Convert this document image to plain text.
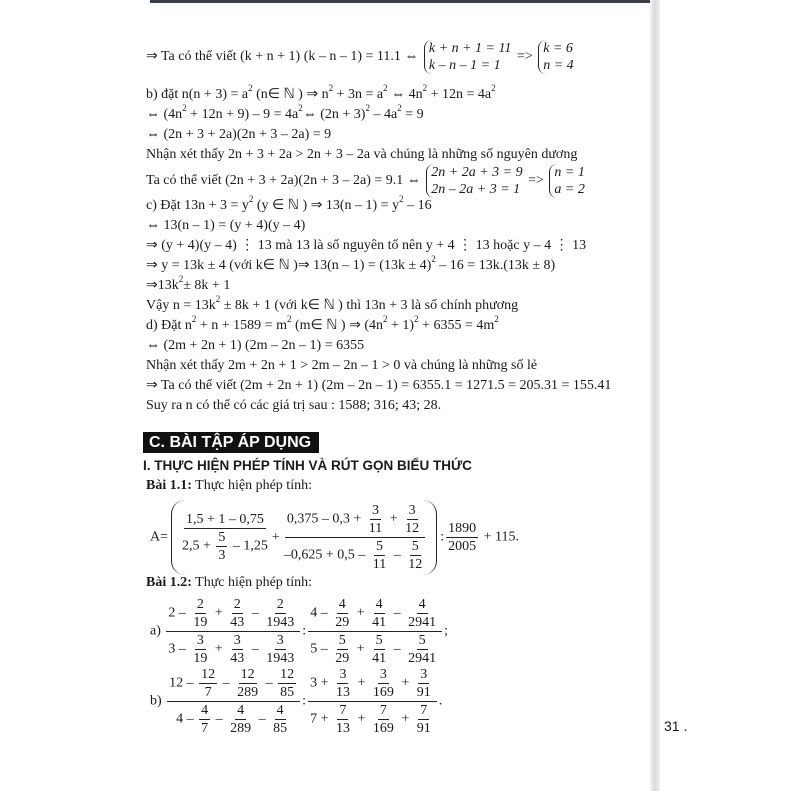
⇒ Ta có thể viết (k + n + 1) (k – n – 1) = 11.1 ⇔
k + n + 1 = 11
k – n – 1 = 1
=>
k = 6
n = 4
b) đặt $n(n + 3) = a^2$ (n∈ ℕ ) ⇒ $n^2 + 3n = a^2$ ⇔ $4n^2 + 12n = 4a^2$
⇔ $(4n^2 + 12n + 9) - 9$ = $4a^2\Leftrightarrow$ $(2n + 3)^2 - 4a^2 = 9$
⇔ (2n + 3 + 2a)(2n + 3 – 2a) = 9
Nhận xét thấy 2n + 3 + 2a > 2n + 3 – 2a và chúng là những số nguyên dương
Ta có thể viết (2n + 3 + 2a)(2n + 3 – 2a) = 9.1 ⇔
2n + 2a + 3 = 9
2n – 2a + 3 = 1
=>
n = 1
a = 2
c) Đặt $13n + 3 = y^2$ (y ∈ ℕ ) ⇒ $13(n - 1) = y^2 - 16$
⇔ 13(n – 1) = (y + 4)(y – 4)
⇒ (y + 4)(y – 4) ⋮ 13 mà 13 là số nguyên tố nên y + 4 ⋮ 13 hoặc y – 4 ⋮ 13
⇒ y = 13k ± 4 (với k∈ ℕ )⇒ $13(n - 1) = (13k \pm 4)^2 - 16 = 13k.(13k \pm 8)$
$\Rightarrow 13k^2\pm 8k + 1$
Vậy $n = 13k^2 \pm 8k + 1$ (với k∈ ℕ ) thì 13n + 3 là số chính phương
d) Đặt $n^2 + n + 1589 = m^2$ (m∈ ℕ ) ⇒ $(4n^2 + 1)^2 + 6355 = 4m^2$
⇔ (2m + 2n + 1) (2m – 2n – 1) = 6355
Nhận xét thấy 2m + 2n + 1 > 2m – 2n – 1 > 0 và chúng là những số lẻ
⇒ Ta có thể viết (2m + 2n + 1) (2m – 2n – 1) = 6355.1 = 1271.5 = 205.31 = 155.41
Suy ra n có thể có các giá trị sau : 1588; 316; 43; 28.
C. BÀI TẬP ÁP DỤNG
I. THỰC HIỆN PHÉP TÍNH VÀ RÚT GỌN BIỂU THỨC
Bài 1.1: Thực hiện phép tính:
$A= \frac{1,5 + 1 - 0,75}{2,5 + \frac{5}{3} - 1,25} + \frac{0,375 - 0,3 + \frac{3}{11} + \frac{3}{12}}{-0,625 + 0,5 - \frac{5}{11} - \frac{5}{12}}$ : $\frac{1890}{2005} + 115$.
Bài 1.2: Thực hiện phép tính:
$a) \frac{2 - \frac{2}{19} + \frac{2}{43} - \frac{2}{1943}}{3 - \frac{3}{19} + \frac{3}{43} - \frac{3}{1943}}$ : $\frac{4 - \frac{4}{29} + \frac{4}{41} - \frac{4}{2941}}{5 - \frac{5}{29} + \frac{5}{41} - \frac{5}{2941}}$ ;
$b) \frac{12 - \frac{12}{7} - \frac{12}{289} - \frac{12}{85}}{4 - \frac{4}{7} - \frac{4}{289} - \frac{4}{85}}$ : $\frac{3 + \frac{3}{13} + \frac{3}{169} + \frac{3}{91}}{7 + \frac{7}{13} + \frac{7}{169} + \frac{7}{91}}$ .
31 .
